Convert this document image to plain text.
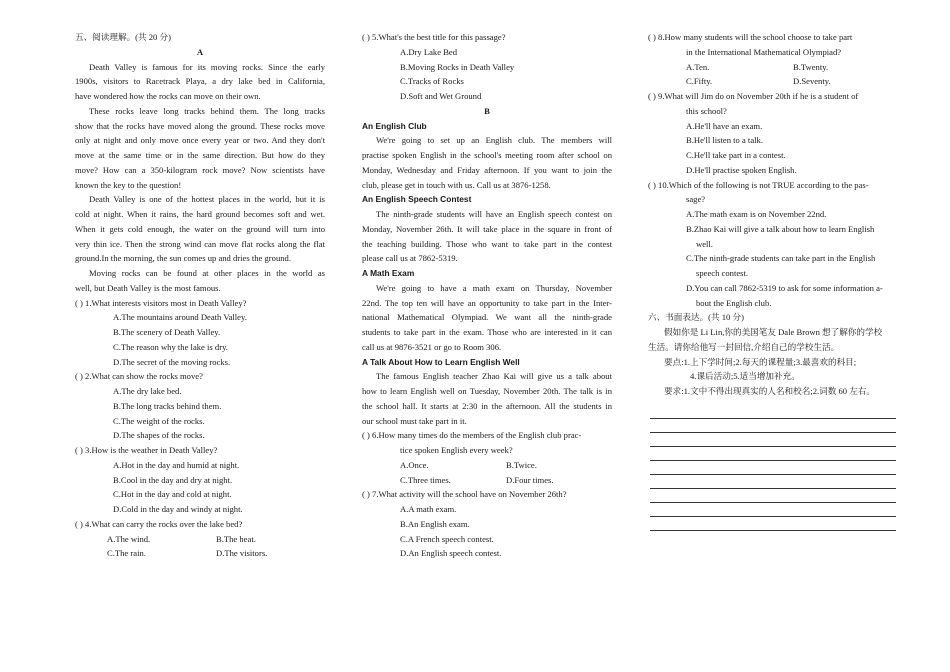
五、阅读理解。(共 20 分)
A
Death Valley is famous for its moving rocks. Since the early
1900s, visitors to Racetrack Playa, a dry lake bed in California,
have wondered how the rocks can move on their own.
These rocks leave long tracks behind them. The long tracks
show that the rocks have moved along the ground. These rocks move
only at night and only move once every year or two. And they don't
move at the same time or in the same direction. But how do they
move? How can a 350-kilogram rock move? Now scientists have
known the key to the question!
Death Valley is one of the hottest places in the world, but it is
cold at night. When it rains, the hard ground becomes soft and wet.
When it gets cold enough, the water on the ground will turn into
very thin ice. Then the strong wind can move flat rocks along the flat
ground.In the morning, the sun comes up and dries the ground.
Moving rocks can be found at other places in the world as
well, but Death Valley is the most famous.
( ) 1.What interests visitors most in Death Valley?
A.The mountains around Death Valley.
B.The scenery of Death Valley.
C.The reason why the lake is dry.
D.The secret of the moving rocks.
( ) 2.What can show the rocks move?
A.The dry lake bed.
B.The long tracks behind them.
C.The weight of the rocks.
D.The shapes of the rocks.
( ) 3.How is the weather in Death Valley?
A.Hot in the day and humid at night.
B.Cool in the day and dry at night.
C.Hot in the day and cold at night.
D.Cold in the day and windy at night.
( ) 4.What can carry the rocks over the lake bed?
A.The wind.	B.The heat.
C.The rain.	D.The visitors.
( ) 5.What's the best title for this passage?
A.Dry Lake Bed
B.Moving Rocks in Death Valley
C.Tracks of Rocks
D.Soft and Wet Ground
B
An English Club
We're going to set up an English club. The members will
practise spoken English in the school's meeting room after school on
Monday, Wednesday and Friday afternoon. If you want to join the
club, please get in touch with us. Call us at 3876-1258.
An English Speech Contest
The ninth-grade students will have an English speech contest on
Monday, November 26th. It will take place in the square in front of
the teaching building. Those who want to take part in the contest
please call us at 7862-5319.
A Math Exam
We're going to have a math exam on Thursday, November
22nd. The top ten will have an opportunity to take part in the Inter-
national Mathematical Olympiad. We want all the ninth-grade
students to take part in the exam. Those who are interested in it can
call us at 9876-3521 or go to Room 306.
A Talk About How to Learn English Well
The famous English teacher Zhao Kai will give us a talk about
how to learn English well on Tuesday, November 20th. The talk is in
the school hall. It starts at 2:30 in the afternoon. All the students in
our school must take part in it.
( ) 6.How many times do the members of the English club prac-
tice spoken English every week?
A.Once.	B.Twice.
C.Three times.	D.Four times.
( ) 7.What activity will the school have on November 26th?
A.A math exam.
B.An English exam.
C.A French speech contest.
D.An English speech contest.
( ) 8.How many students will the school choose to take part
in the International Mathematical Olympiad?
A.Ten.	B.Twenty.
C.Fifty.	D.Seventy.
( ) 9.What will Jim do on November 20th if he is a student of
this school?
A.He'll have an exam.
B.He'll listen to a talk.
C.He'll take part in a contest.
D.He'll practise spoken English.
( ) 10.Which of the following is not TRUE according to the pas-
sage?
A.The math exam is on November 22nd.
B.Zhao Kai will give a talk about how to learn English
well.
C.The ninth-grade students can take part in the English
speech contest.
D.You can call 7862-5319 to ask for some information a-
bout the English club.
六、书面表达。(共 10 分)
假如你是 Li Lin,你的美国笔友 Dale Brown 想了解你的学校
生活。请你给他写一封回信,介绍自己的学校生活。
要点:1.上下学时间;2.每天的课程量;3.最喜欢的科目;
4.课后活动;5.适当增加补充。
要求:1.文中不得出现真实的人名和校名;2.词数 60 左右。
